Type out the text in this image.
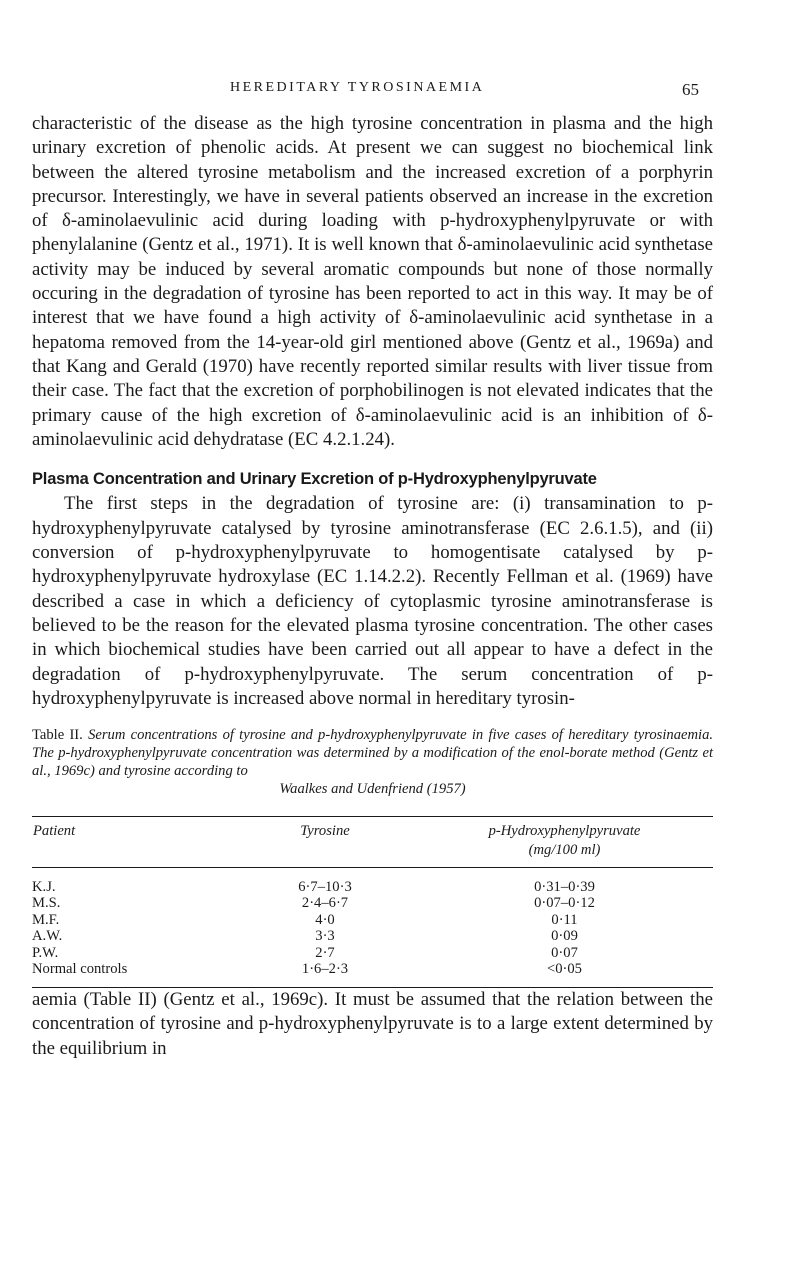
HEREDITARY TYROSINAEMIA	65

characteristic of the disease as the high tyrosine concentration in plasma and the high urinary excretion of phenolic acids. At present we can suggest no biochemical link between the altered tyrosine metabolism and the increased excretion of a porphyrin precursor. Interestingly, we have in several patients observed an increase in the excretion of δ-aminolaevulinic acid during loading with p-hydroxyphenylpyruvate or with phenylalanine (Gentz et al., 1971). It is well known that δ-aminolaevulinic acid synthetase activity may be induced by several aromatic compounds but none of those normally occuring in the degradation of tyrosine has been reported to act in this way. It may be of interest that we have found a high activity of δ-aminolaevulinic acid synthetase in a hepatoma removed from the 14-year-old girl mentioned above (Gentz et al., 1969a) and that Kang and Gerald (1970) have recently reported similar results with liver tissue from their case. The fact that the excretion of porphobilinogen is not elevated indicates that the primary cause of the high excretion of δ-aminolaevulinic acid is an inhibition of δ-aminolaevulinic acid dehydratase (EC 4.2.1.24).

Plasma Concentration and Urinary Excretion of p-Hydroxyphenylpyruvate

The first steps in the degradation of tyrosine are: (i) transamination to p-hydroxyphenylpyruvate catalysed by tyrosine aminotransferase (EC 2.6.1.5), and (ii) conversion of p-hydroxyphenylpyruvate to homogentisate catalysed by p-hydroxyphenylpyruvate hydroxylase (EC 1.14.2.2). Recently Fellman et al. (1969) have described a case in which a deficiency of cytoplasmic tyrosine aminotransferase is believed to be the reason for the elevated plasma tyrosine concentration. The other cases in which biochemical studies have been carried out all appear to have a defect in the degradation of p-hydroxyphenylpyruvate. The serum concentration of p-hydroxyphenylpyruvate is increased above normal in hereditary tyrosin-

Table II. Serum concentrations of tyrosine and p-hydroxyphenylpyruvate in five cases of hereditary tyrosinaemia. The p-hydroxyphenylpyruvate concentration was determined by a modification of the enol-borate method (Gentz et al., 1969c) and tyrosine according to
Waalkes and Udenfriend (1957)
Patient	Tyrosine	p-Hydroxyphenylpyruvate
		(mg/100 ml)
K.J.	6·7–10·3	0·31–0·39
M.S.	2·4–6·7	0·07–0·12
M.F.	4·0	0·11
A.W.	3·3	0·09
P.W.	2·7	0·07
Normal controls	1·6–2·3	<0·05

aemia (Table II) (Gentz et al., 1969c). It must be assumed that the relation between the concentration of tyrosine and p-hydroxyphenylpyruvate is to a large extent determined by the equilibrium in
